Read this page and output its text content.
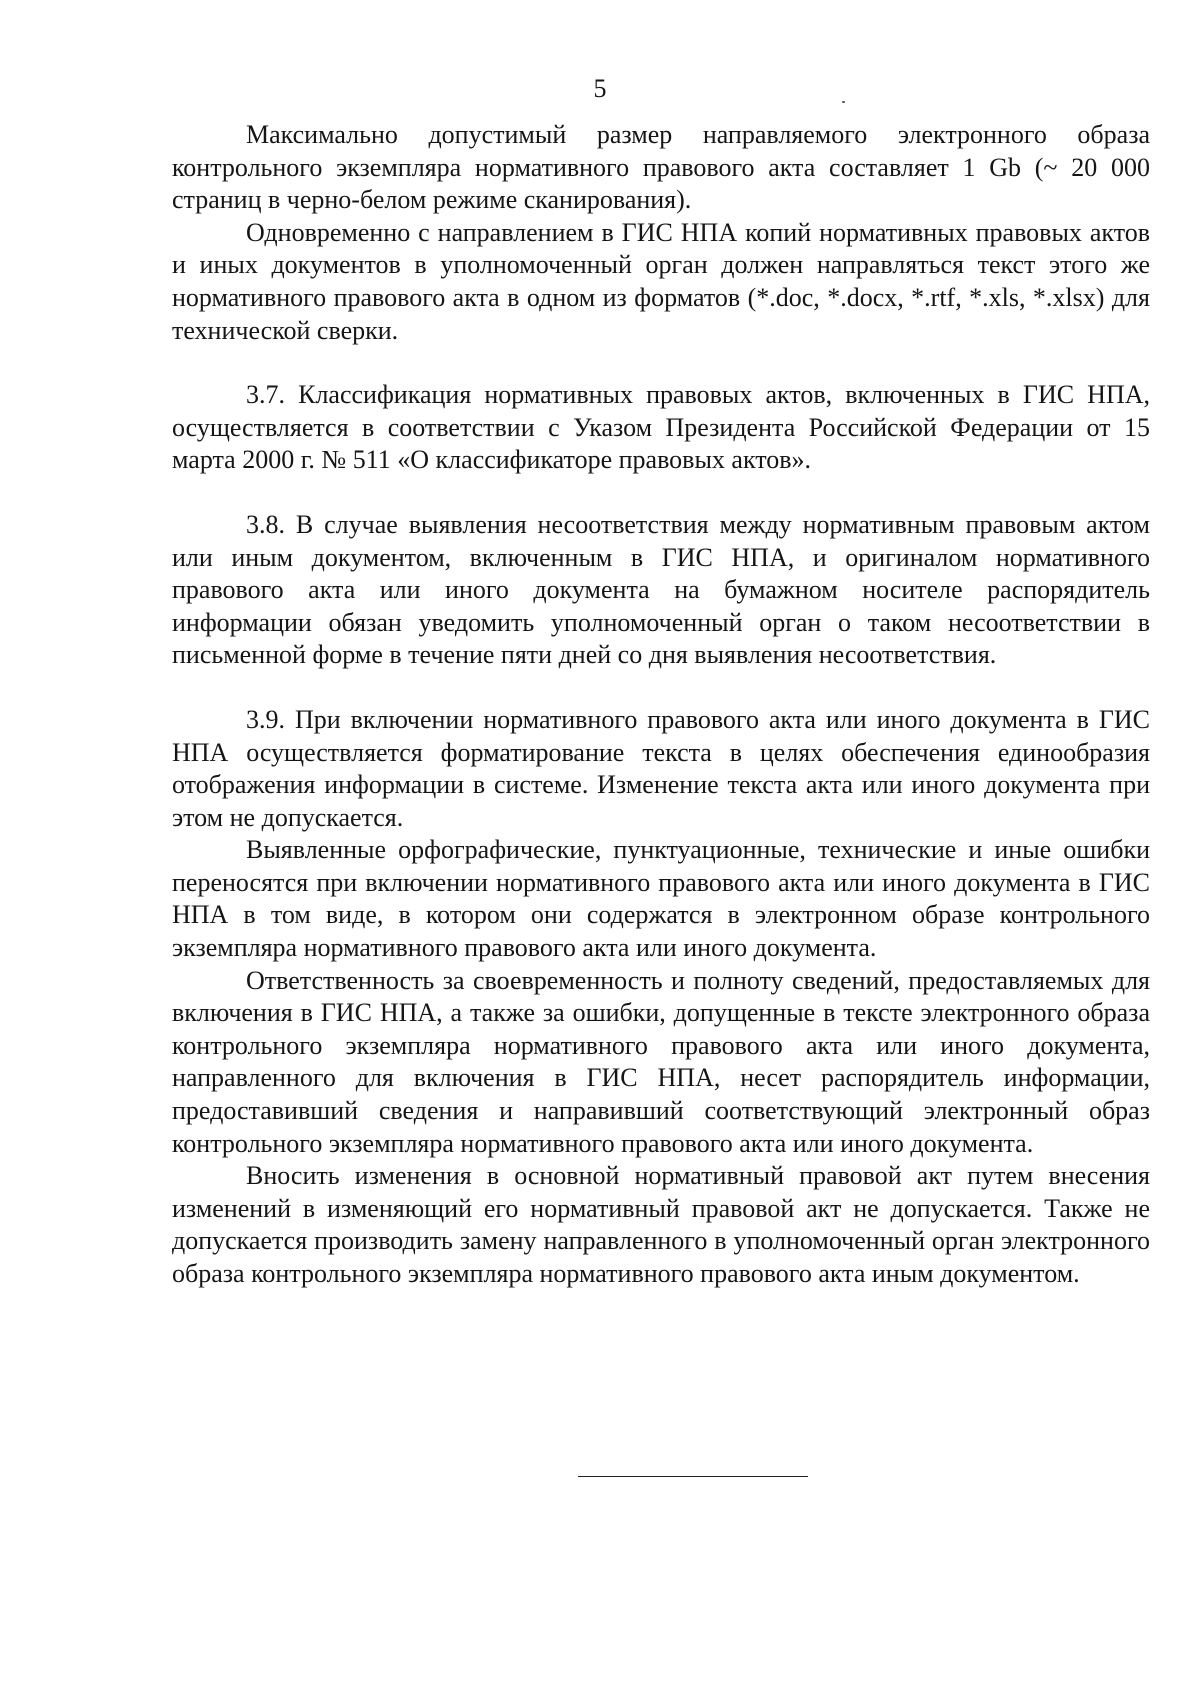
5

Максимально допустимый размер направляемого электронного образа контрольного экземпляра нормативного правового акта составляет 1 Gb (~ 20 000 страниц в черно-белом режиме сканирования).

Одновременно с направлением в ГИС НПА копий нормативных правовых актов и иных документов в уполномоченный орган должен направляться текст этого же нормативного правового акта в одном из форматов (*.doc, *.docx, *.rtf, *.xls, *.xlsx) для технической сверки.

3.7. Классификация нормативных правовых актов, включенных в ГИС НПА, осуществляется в соответствии с Указом Президента Российской Федерации от 15 марта 2000 г. № 511 «О классификаторе правовых актов».

3.8. В случае выявления несоответствия между нормативным правовым актом или иным документом, включенным в ГИС НПА, и оригиналом нормативного правового акта или иного документа на бумажном носителе распорядитель информации обязан уведомить уполномоченный орган о таком несоответствии в письменной форме в течение пяти дней со дня выявления несоответствия.

3.9. При включении нормативного правового акта или иного документа в ГИС НПА осуществляется форматирование текста в целях обеспечения единообразия отображения информации в системе. Изменение текста акта или иного документа при этом не допускается.

Выявленные орфографические, пунктуационные, технические и иные ошибки переносятся при включении нормативного правового акта или иного документа в ГИС НПА в том виде, в котором они содержатся в электронном образе контрольного экземпляра нормативного правового акта или иного документа.

Ответственность за своевременность и полноту сведений, предоставляемых для включения в ГИС НПА, а также за ошибки, допущенные в тексте электронного образа контрольного экземпляра нормативного правового акта или иного документа, направленного для включения в ГИС НПА, несет распорядитель информации, предоставивший сведения и направивший соответствующий электронный образ контрольного экземпляра нормативного правового акта или иного документа.

Вносить изменения в основной нормативный правовой акт путем внесения изменений в изменяющий его нормативный правовой акт не допускается. Также не допускается производить замену направленного в уполномоченный орган электронного образа контрольного экземпляра нормативного правового акта иным документом.
